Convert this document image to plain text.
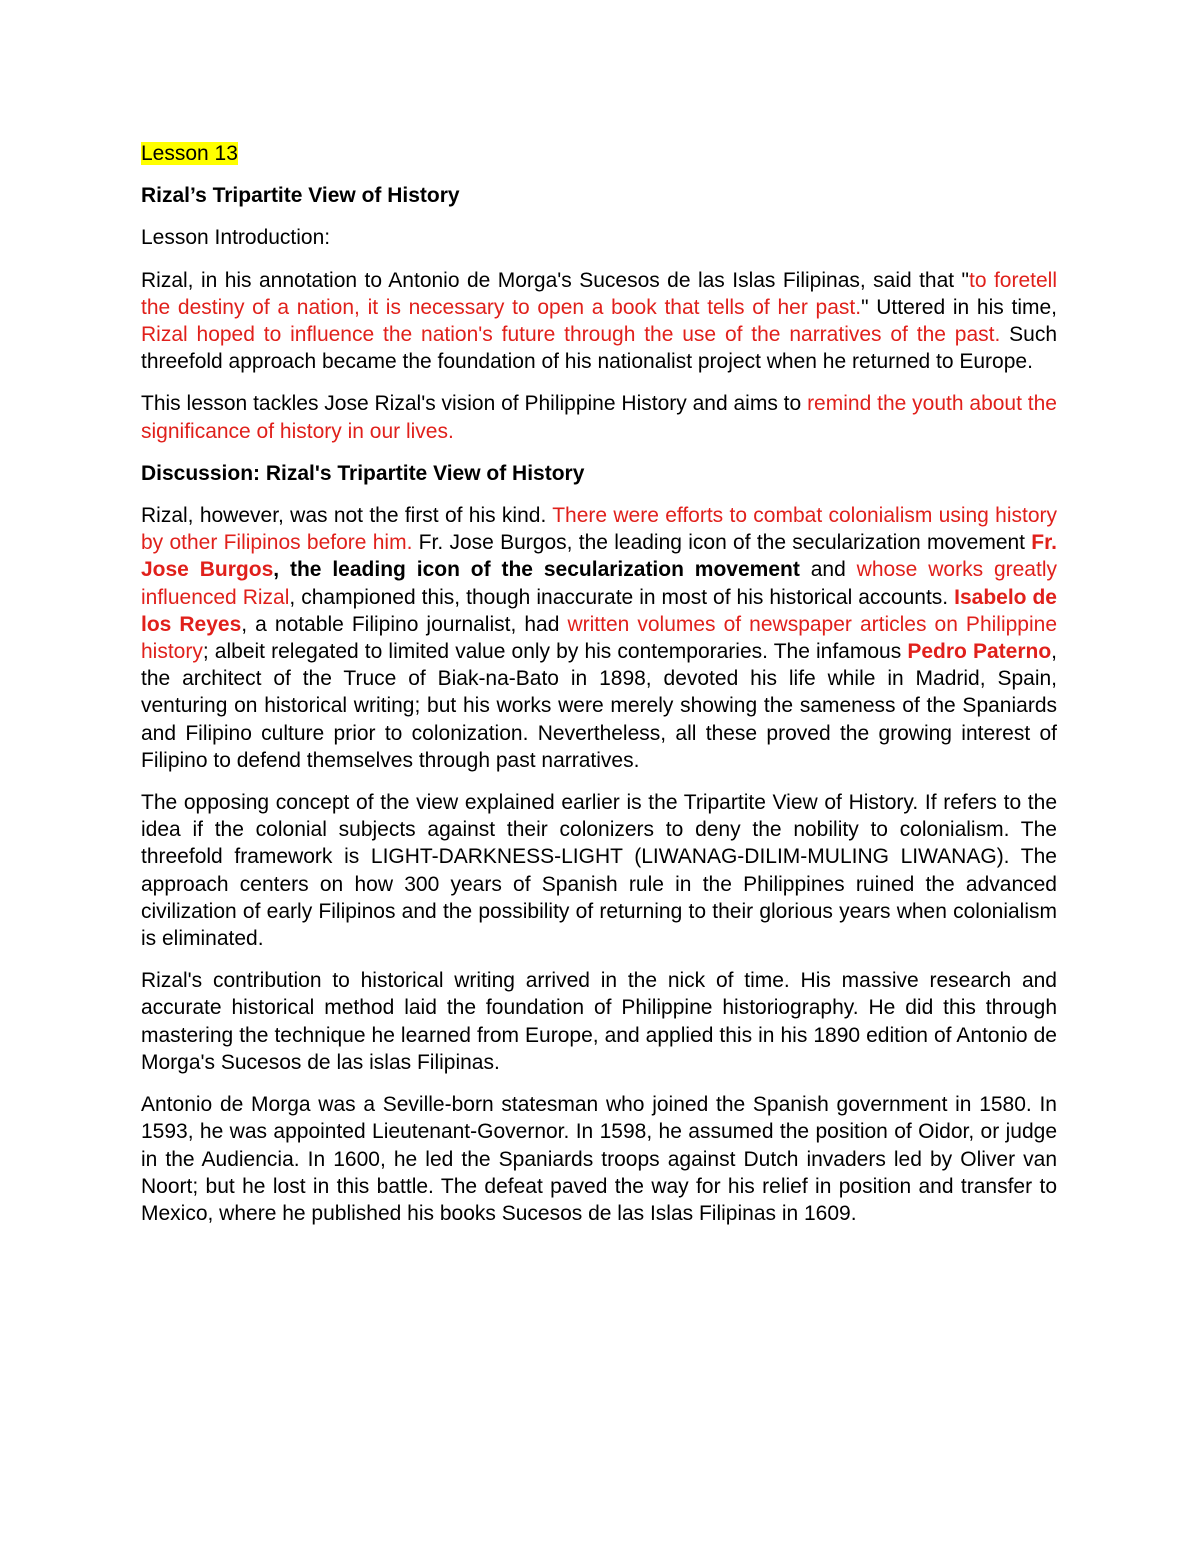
Lesson 13

Rizal’s Tripartite View of History

Lesson Introduction:

Rizal, in his annotation to Antonio de Morga's Sucesos de las Islas Filipinas, said that "to foretell the destiny of a nation, it is necessary to open a book that tells of her past." Uttered in his time, Rizal hoped to influence the nation's future through the use of the narratives of the past. Such threefold approach became the foundation of his nationalist project when he returned to Europe.

This lesson tackles Jose Rizal's vision of Philippine History and aims to remind the youth about the significance of history in our lives.

Discussion: Rizal's Tripartite View of History

Rizal, however, was not the first of his kind. There were efforts to combat colonialism using history by other Filipinos before him. Fr. Jose Burgos, the leading icon of the secularization movement Fr. Jose Burgos, the leading icon of the secularization movement and whose works greatly influenced Rizal, championed this, though inaccurate in most of his historical accounts. Isabelo de los Reyes, a notable Filipino journalist, had written volumes of newspaper articles on Philippine history; albeit relegated to limited value only by his contemporaries. The infamous Pedro Paterno, the architect of the Truce of Biak-na-Bato in 1898, devoted his life while in Madrid, Spain, venturing on historical writing; but his works were merely showing the sameness of the Spaniards and Filipino culture prior to colonization. Nevertheless, all these proved the growing interest of Filipino to defend themselves through past narratives.

The opposing concept of the view explained earlier is the Tripartite View of History. If refers to the idea if the colonial subjects against their colonizers to deny the nobility to colonialism. The threefold framework is LIGHT-DARKNESS-LIGHT (LIWANAG-DILIM-MULING LIWANAG). The approach centers on how 300 years of Spanish rule in the Philippines ruined the advanced civilization of early Filipinos and the possibility of returning to their glorious years when colonialism is eliminated.

Rizal's contribution to historical writing arrived in the nick of time. His massive research and accurate historical method laid the foundation of Philippine historiography. He did this through mastering the technique he learned from Europe, and applied this in his 1890 edition of Antonio de Morga's Sucesos de las islas Filipinas.

Antonio de Morga was a Seville-born statesman who joined the Spanish government in 1580. In 1593, he was appointed Lieutenant-Governor. In 1598, he assumed the position of Oidor, or judge in the Audiencia. In 1600, he led the Spaniards troops against Dutch invaders led by Oliver van Noort; but he lost in this battle. The defeat paved the way for his relief in position and transfer to Mexico, where he published his books Sucesos de las Islas Filipinas in 1609.
